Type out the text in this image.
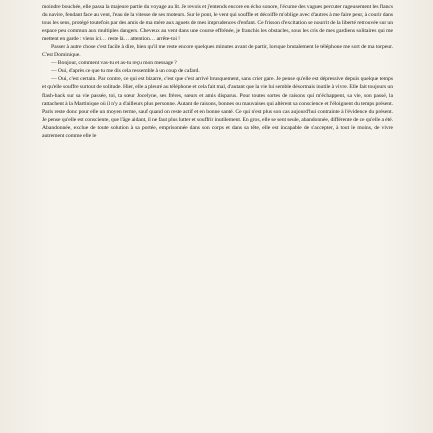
moindre bouchée, elle passa la majeure partie du voyage au lit. Je revois et j'entends encore en écho sonore, l'écume des vagues percuter rageusement les flancs du navire, fendant face au vent, l'eau de la vitesse de ses moteurs. Sur le pont, le vent qui souffle et décoiffe m'oblige avec d'autres à me faire peur, à courir dans tous les sens, protégé toutefois par des amis de ma mère aux aguets de mes imprudences d'enfant. Ce frisson d'excitation se nourrit de la liberté retrouvée sur un espace peu commun aux multiples dangers. Cheveux au vent dans une course effrénée, je franchis les obstacles, sous les cris de mes gardiens solitaires qui me mettent en garde : viens ici… reste là… attention… arrête-toi !

Passer à autre chose c'est facile à dire, bien qu'il me reste encore quelques minutes avant de partir, lorsque brutalement le téléphone me sort de ma torpeur. C'est Dominique.

— Bonjour, comment vas-tu et as-tu reçu mon message ?

— Oui, d'après ce que tu me dis cela ressemble à un coup de cafard.

— Oui, c'est certain. Par contre, ce qui est bizarre, c'est que c'est arrivé brusquement, sans crier gare. Je pense qu'elle est dépressive depuis quelque temps et qu'elle souffre surtout de solitude. Hier, elle a pleuré au téléphone et cela fait mal, d'autant que la vie lui semble désormais inutile à vivre. Elle fait toujours un flash-back sur sa vie passée, toi, ta sœur Jocelyne, ses frères, sœurs et amis disparus. Pour toutes sortes de raisons qui m'échappent, sa vie, son passé, la rattachent à la Martinique où il n'y a d'ailleurs plus personne. Autant de raisons, bonnes ou mauvaises qui altèrent sa conscience et l'éloignent du temps présent. Paris reste donc pour elle un moyen terme, sauf quand on reste actif et en bonne santé. Ce qui n'est plus son cas aujourd'hui contrainte à l'évidence du présent. Je pense qu'elle est consciente, que l'âge aidant, il ne faut plus lutter et souffrir inutilement. En gros, elle se sent seule, abandonnée, différente de ce qu'elle a été. Abandonnée, exclue de toute solution à sa portée, emprisonnée dans son corps et dans sa tête, elle est incapable de s'accepter, à tout le moins, de vivre autrement comme elle le
